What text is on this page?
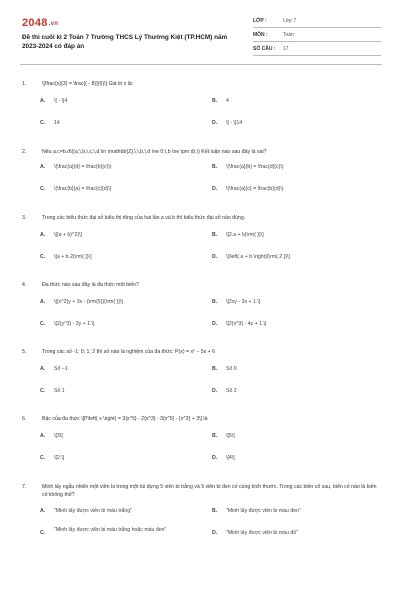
2048.vn
Đề thi cuối kì 2 Toán 7 Trường THCS Lý Thường Kiệt (TP.HCM) năm 2023-2024 có đáp án
LỚP :	Lớp 7
MÔN :	Toán
SỐ CÂU : 17
1.	\[\frac{x}{3} = \frac{( - 8)}{6}\] Giá trị x là:
A.	\[ - \]4	B.	4
C.	14	D.	\[ - \]14
2.	Nếu a.c=b.d\((a,\,b,\,c,\,d \in \mathbb{Z},\,\,b,\,d \ne 0;\,b \ne \pm d).\) Kết luận nào sau đây là sai?
A.	\(\frac{a}{d} = \frac{b}{c}\)	B.	\(\frac{a}{b} = \frac{d}{c}\)
C.	\(\frac{b}{a} = \frac{c}{d}\)	D.	\(\frac{a}{c} = \frac{b}{d}\)
3.	Trong các biểu thức đại số biểu thị tổng của hai lần a và b thì biểu thức đại số nào đúng.
A.	\[(a + b)^2}\]	B.	\[2.a + b{\rm{ }}\]
C.	\[a + b.2{\rm{ }}\]	D.	\[\left( a + b \right){\rm{.2 }}\]
4.	Đa thức nào sau đây là đa thức một biến?
A.	\[{x^2}y + 3x - {\rm{5}}{\rm{ }}\]	B.	\[2xy - 3x + 1.\]
C.	\[2{y^3} - 3y + 1.\]	D.	\[2{x^3} - 4z + 1.\]
5.	Trong các số -1; 0; 1; 2 thì số nào là nghiệm của đa thức: P(x) = x² − 5x + 6
A.	Số −1	B.	Số 0
C.	Số 1	D.	Số 2
6.	Bậc của đa thức \[P\left( x \right) = 3{x^5} - 2{x^3} - 3{x^5} - {x^2} + 3\] là
A.	\[3\]	B.	\[5\]
C.	\[2.\]	D.	\[4\]
7.	Minh lấy ngẫu nhiên một viên bi trong một túi đựng 5 viên bi trắng và 5 viên bi đen có cùng kích thước. Trong các biến cố sau, biến cố nào là biến cố không thể?
A.	"Minh lấy được viên bi màu trắng"	B.	"Minh lấy được viên bi màu đen"
C.	"Minh lấy được viên bi màu trắng hoặc màu đen"	D.	"Minh lấy được viên bi màu đỏ"
